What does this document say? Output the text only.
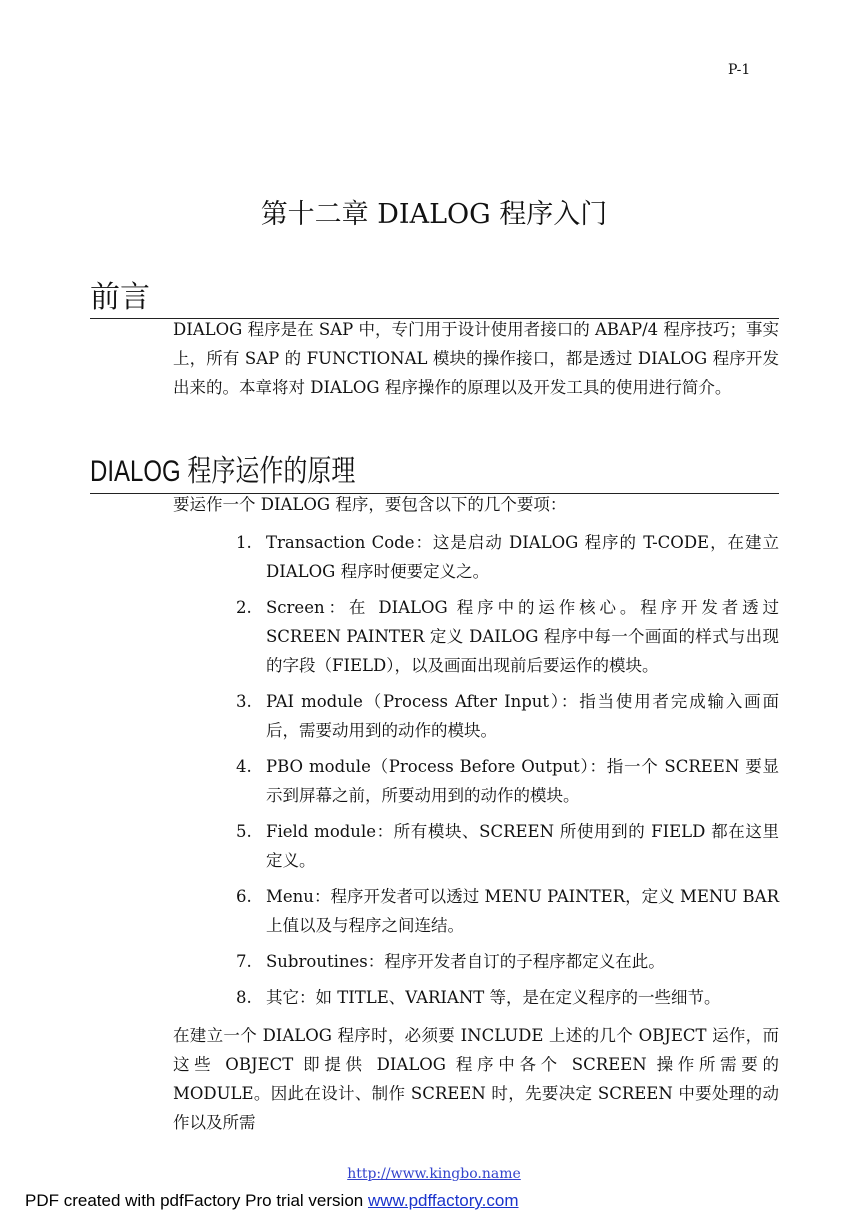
P-1
第十二章 DIALOG 程序入门
前言
DIALOG 程序是在 SAP 中，专门用于设计使用者接口的 ABAP/4 程序技巧；事实上，所有 SAP 的 FUNCTIONAL 模块的操作接口，都是透过 DIALOG 程序开发出来的。本章将对 DIALOG 程序操作的原理以及开发工具的使用进行简介。
DIALOG 程序运作的原理
要运作一个 DIALOG 程序，要包含以下的几个要项：
1. Transaction Code：这是启动 DIALOG 程序的 T-CODE，在建立 DIALOG 程序时便要定义之。
2. Screen：在 DIALOG 程序中的运作核心。程序开发者透过 SCREEN PAINTER 定义 DAILOG 程序中每一个画面的样式与出现的字段（FIELD），以及画面出现前后要运作的模块。
3. PAI module（Process After Input）：指当使用者完成输入画面后，需要动用到的动作的模块。
4. PBO module（Process Before Output）：指一个 SCREEN 要显示到屏幕之前，所要动用到的动作的模块。
5. Field module：所有模块、SCREEN 所使用到的 FIELD 都在这里定义。
6. Menu：程序开发者可以透过 MENU PAINTER，定义 MENU BAR 上值以及与程序之间连结。
7. Subroutines：程序开发者自订的子程序都定义在此。
8. 其它：如 TITLE、VARIANT 等，是在定义程序的一些细节。
在建立一个 DIALOG 程序时，必须要 INCLUDE 上述的几个 OBJECT 运作，而这些 OBJECT 即提供 DIALOG 程序中各个 SCREEN 操作所需要的 MODULE。因此在设计、制作 SCREEN 时，先要决定 SCREEN 中要处理的动作以及所需
http://www.kingbo.name
PDF created with pdfFactory Pro trial version www.pdffactory.com
